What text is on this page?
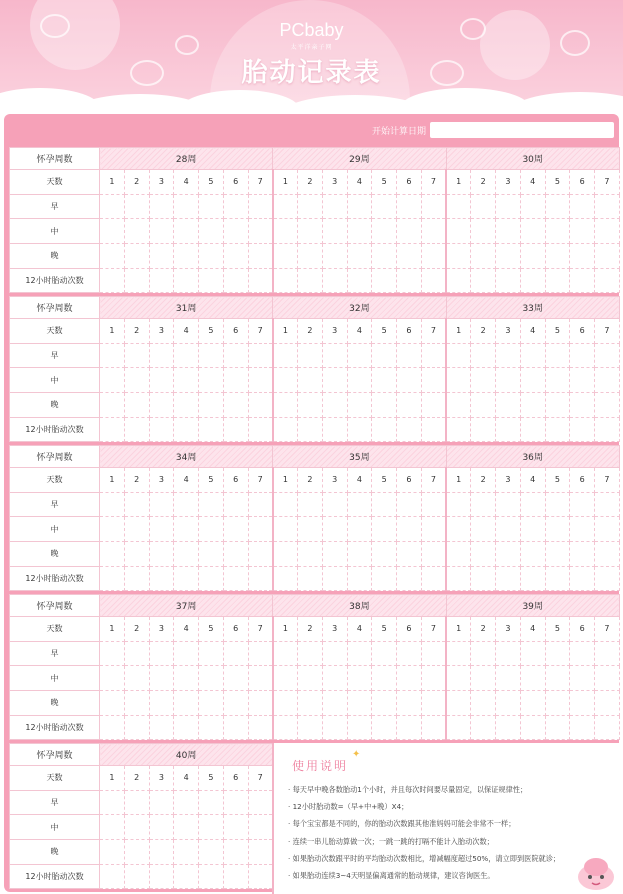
PCbaby
太平洋亲子网
胎动记录表
开始计算日期
怀孕周数	28周							29周							30周						
天数	1	2	3	4	5	6	7	1	2	3	4	5	6	7	1	2	3	4	5	6	7
早																					
中																					
晚																					
12小时胎动次数																					
怀孕周数	31周							32周							33周						
天数	1	2	3	4	5	6	7	1	2	3	4	5	6	7	1	2	3	4	5	6	7
早																					
中																					
晚																					
12小时胎动次数																					
怀孕周数	34周							35周							36周						
天数	1	2	3	4	5	6	7	1	2	3	4	5	6	7	1	2	3	4	5	6	7
早																					
中																					
晚																					
12小时胎动次数																					
怀孕周数	37周							38周							39周						
天数	1	2	3	4	5	6	7	1	2	3	4	5	6	7	1	2	3	4	5	6	7
早																					
中																					
晚																					
12小时胎动次数																					
怀孕周数	40周						
天数	1	2	3	4	5	6	7
早							
中							
晚							
12小时胎动次数							
使用说明
✦
· 每天早中晚各数胎动1个小时，并且每次时间要尽量固定，以保证规律性；
· 12小时胎动数=（早+中+晚）X4；
· 每个宝宝都是不同的，你的胎动次数跟其他准妈妈可能会非常不一样；
· 连续一串儿胎动算做一次；一跳一跳的打嗝不能计入胎动次数；
· 如果胎动次数跟平时的平均胎动次数相比，增减幅度超过50%，请立即到医院就诊；
· 如果胎动连续3~4天明显偏离通常的胎动规律，建议咨询医生。
